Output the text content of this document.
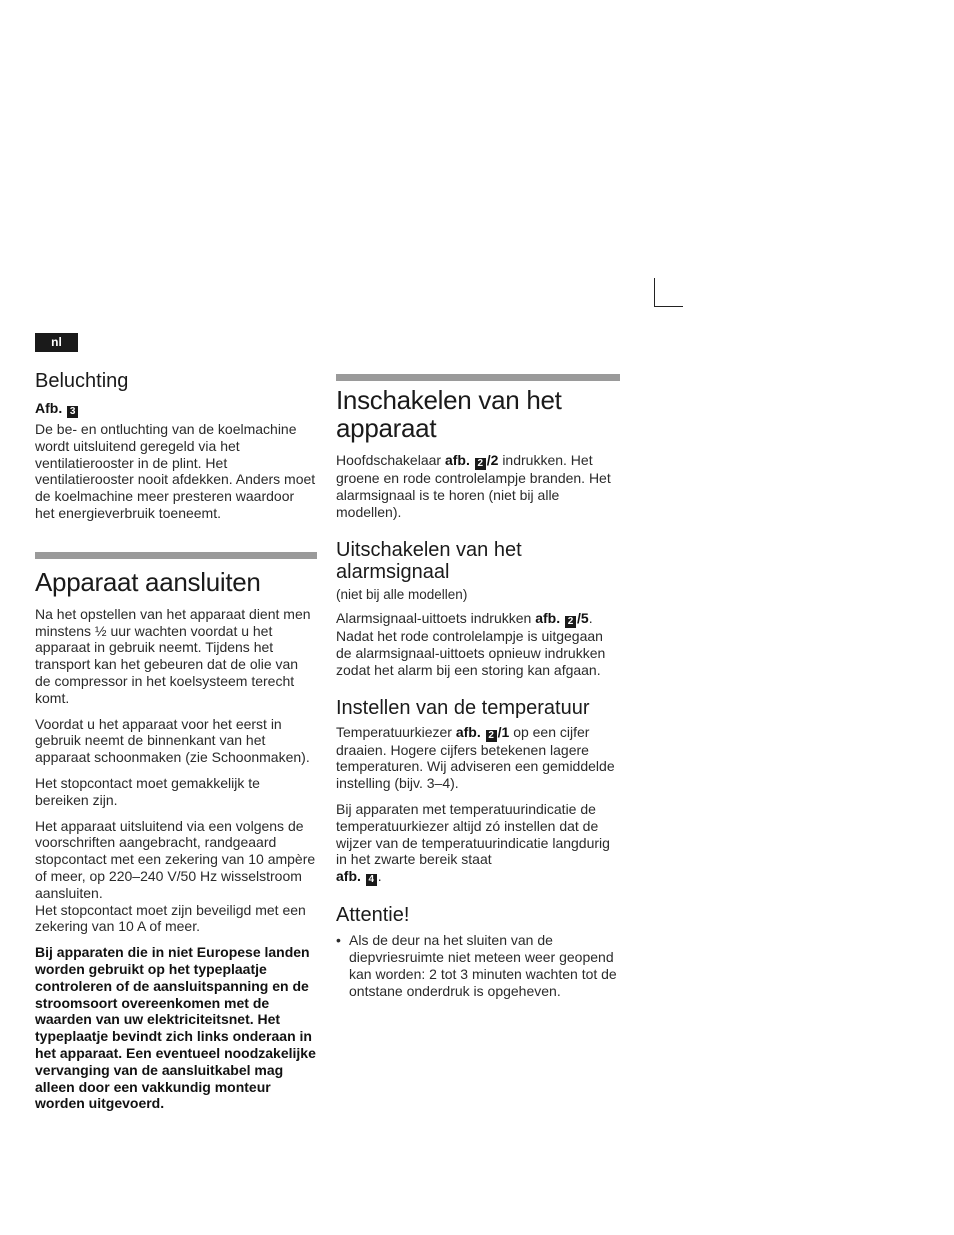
nl
Beluchting

Afb. 3

De be- en ontluchting van de koelmachine wordt uitsluitend geregeld via het ventilatierooster in de plint. Het ventilatierooster nooit afdekken. Anders moet de koelmachine meer presteren waardoor het energieverbruik toeneemt.

Apparaat aansluiten

Na het opstellen van het apparaat dient men minstens ½ uur wachten voordat u het apparaat in gebruik neemt. Tijdens het transport kan het gebeuren dat de olie van de compressor in het koelsysteem terecht komt.

Voordat u het apparaat voor het eerst in gebruik neemt de binnenkant van het apparaat schoonmaken (zie Schoonmaken).

Het stopcontact moet gemakkelijk te bereiken zijn.

Het apparaat uitsluitend via een volgens de voorschriften aangebracht, randgeaard stopcontact met een zekering van 10 ampère of meer, op 220–240 V/50 Hz wisselstroom aansluiten.

Het stopcontact moet zijn beveiligd met een zekering van 10 A of meer.

Bij apparaten die in niet Europese landen worden gebruikt op het typeplaatje controleren of de aansluitspanning en de stroomsoort overeenkomen met de waarden van uw elektriciteitsnet. Het typeplaatje bevindt zich links onderaan in het apparaat. Een eventueel noodzakelijke vervanging van de aansluitkabel mag alleen door een vakkundig monteur worden uitgevoerd.

Inschakelen van het apparaat

Hoofdschakelaar afb. 2 /2 indrukken. Het groene en rode controlelampje branden. Het alarmsignaal is te horen (niet bij alle modellen).

Uitschakelen van het alarmsignaal

(niet bij alle modellen)

Alarmsignaal-uittoets indrukken afb. 2 /5. Nadat het rode controlelampje is uitgegaan de alarmsignaal-uittoets opnieuw indrukken zodat het alarm bij een storing kan afgaan.

Instellen van de temperatuur

Temperatuurkiezer afb. 2 /1 op een cijfer draaien. Hogere cijfers betekenen lagere temperaturen. Wij adviseren een gemiddelde instelling (bijv. 3–4).

Bij apparaten met temperatuurindicatie de temperatuurkiezer altijd zó instellen dat de wijzer van de temperatuurindicatie langdurig in het zwarte bereik staat
afb. 4 .

Attentie!
• Als de deur na het sluiten van de diepvriesruimte niet meteen weer geopend kan worden: 2 tot 3 minuten wachten tot de ontstane onderdruk is opgeheven.
